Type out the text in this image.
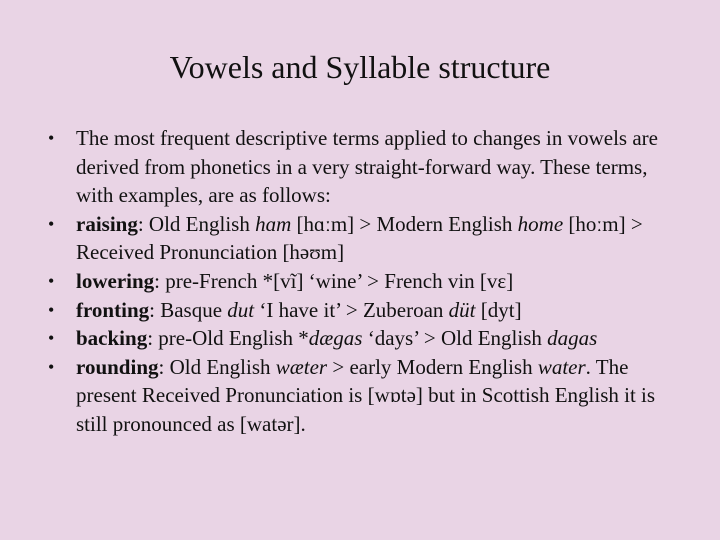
Vowels and Syllable structure
• The most frequent descriptive terms applied to changes in vowels are derived from phonetics in a very straight-forward way. These terms, with examples, are as follows:
• raising: Old English hɑm [hɑːm] > Modern English home [hoːm] > Received Pronunciation [həʊm]
• lowering: pre-French *[vĩ] ‘wine’ > French vin [vɛ]
• fronting: Basque dut ‘I have it’ > Zuberoan düt [dyt]
• backing: pre-Old English *dægas ‘days’ > Old English dagas
• rounding: Old English wæter > early Modern English water. The present Received Pronunciation is [wɒtə] but in Scottish English it is still pronounced as [watər].
